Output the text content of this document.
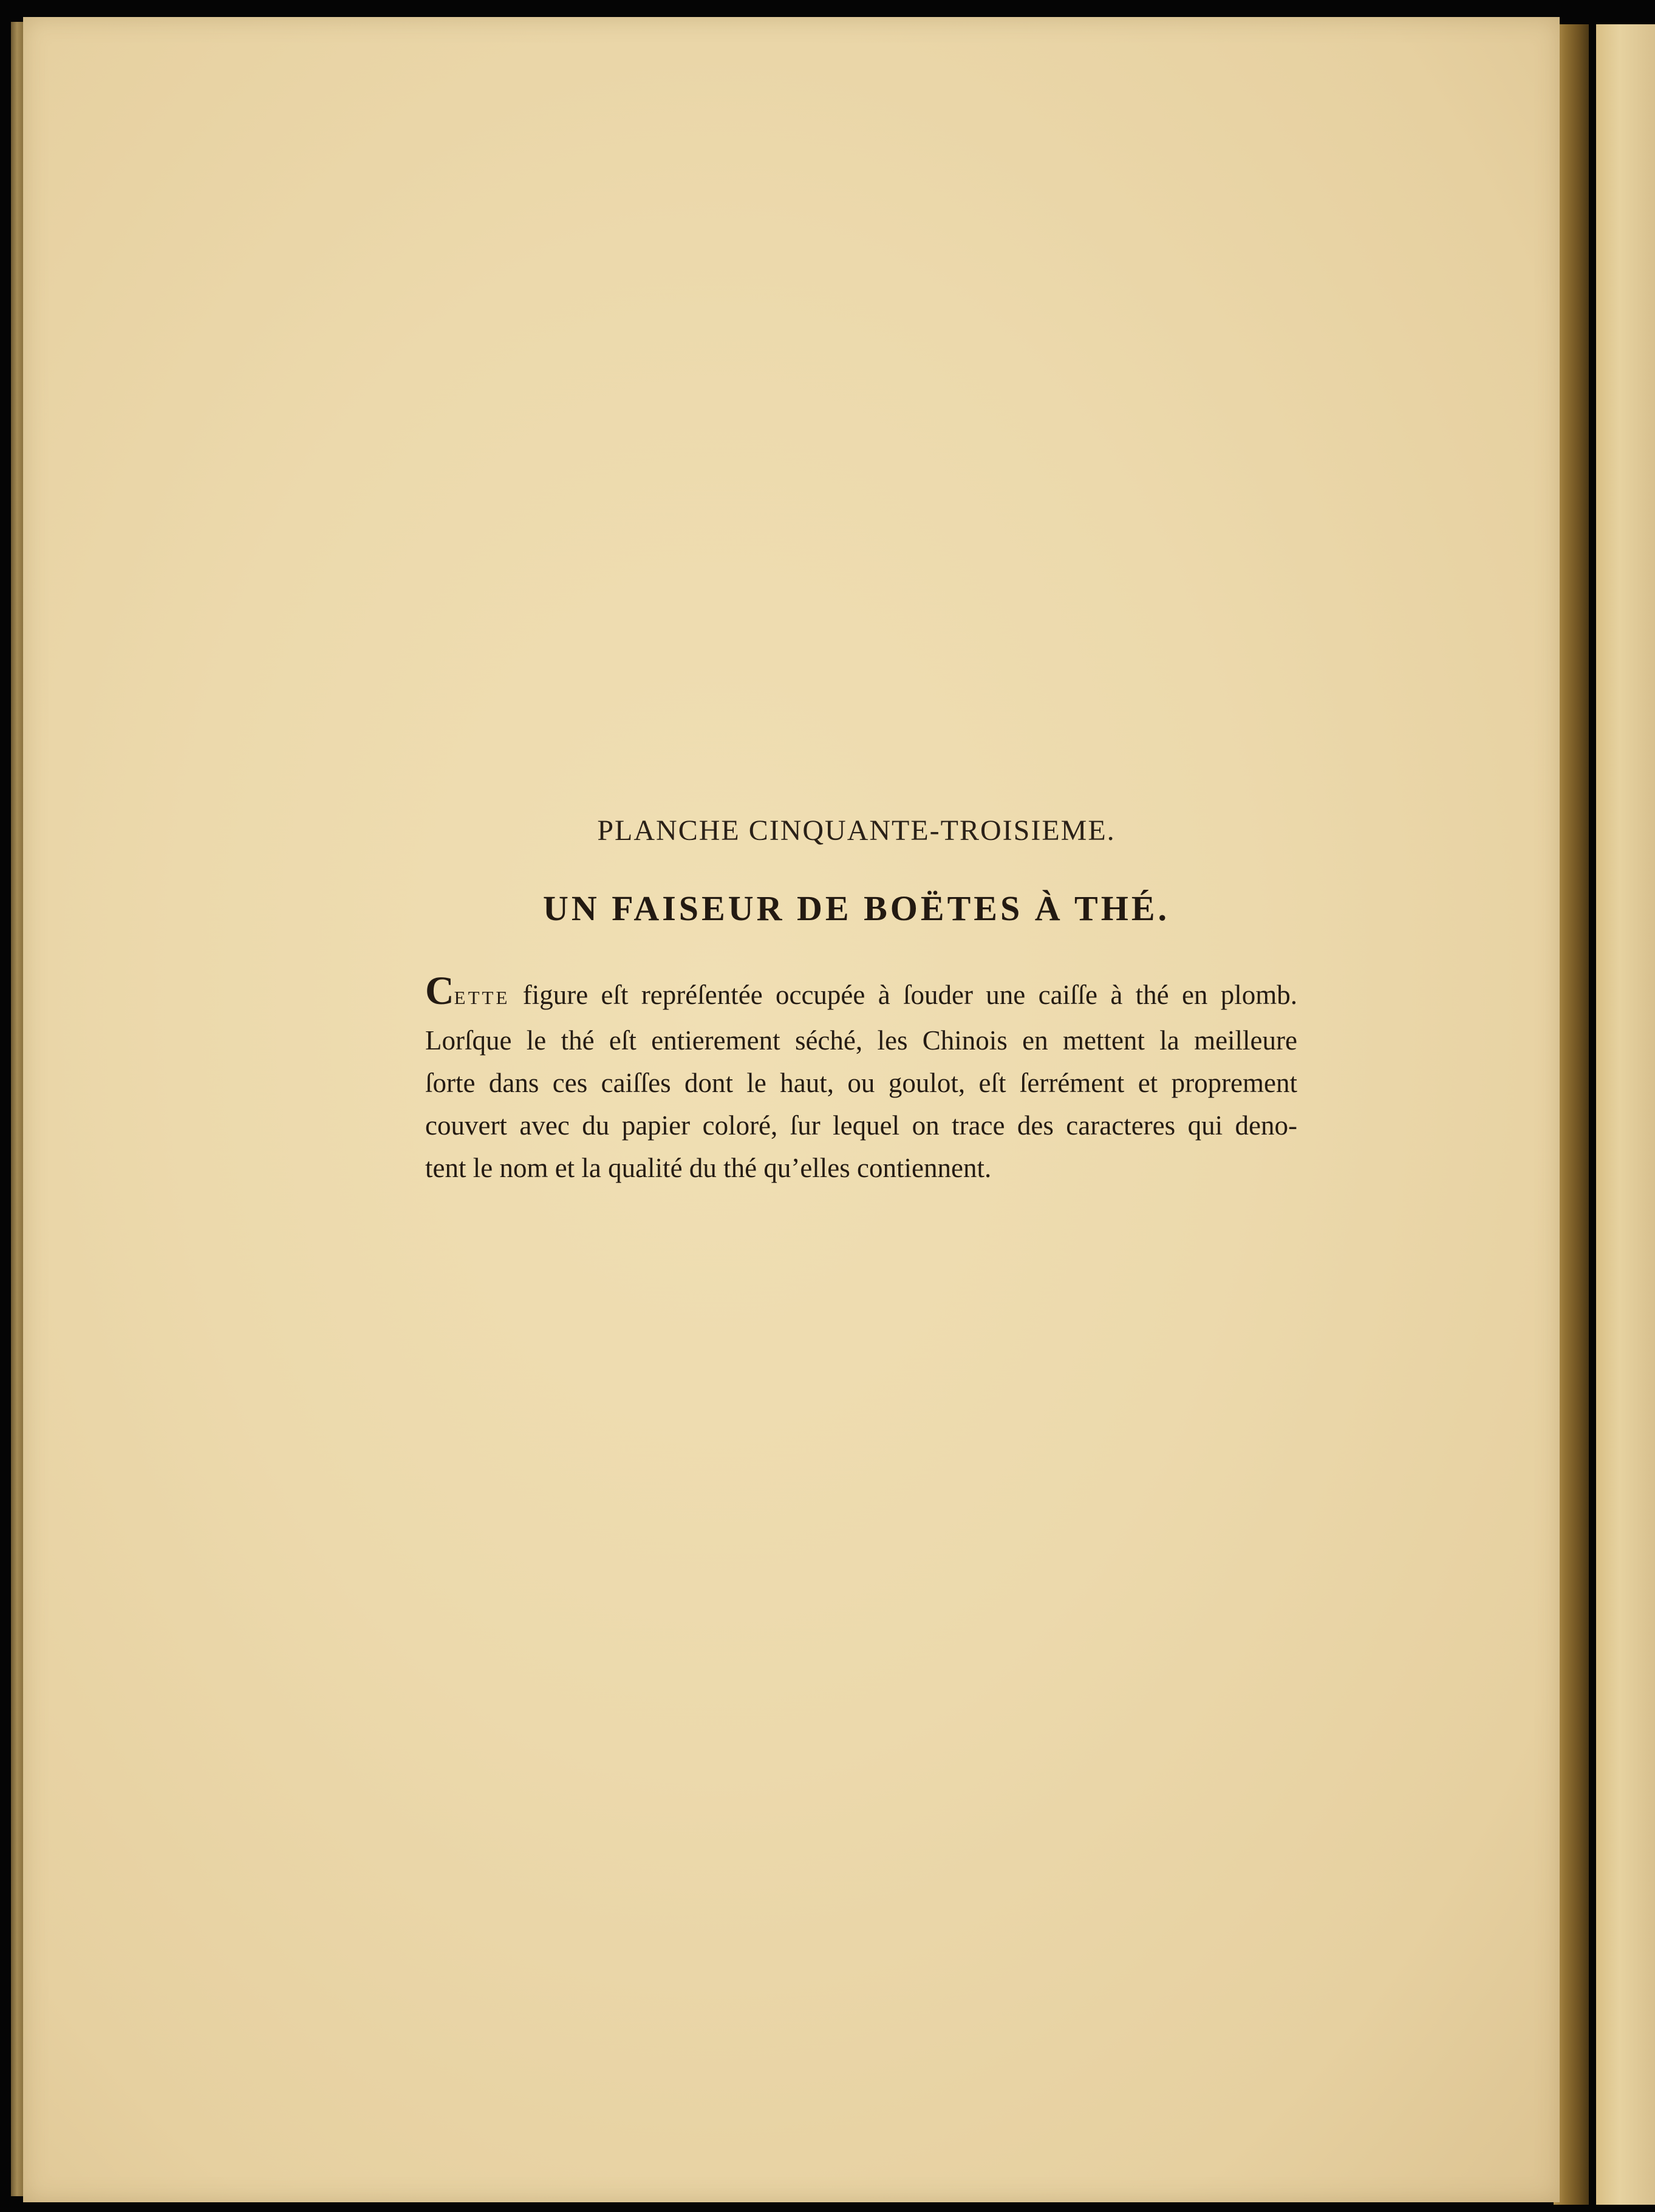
PLANCHE CINQUANTE-TROISIEME.
UN FAISEUR DE BOËTES À THÉ.
CETTE figure eſt repréſentée occupée à ſouder une caiſſe à thé en plomb.
Lorſque le thé eſt entierement séché, les Chinois en mettent la meilleure
ſorte dans ces caiſſes dont le haut, ou goulot, eſt ſerrément et proprement
couvert avec du papier coloré, ſur lequel on trace des caracteres qui deno-
tent le nom et la qualité du thé qu’elles contiennent.
